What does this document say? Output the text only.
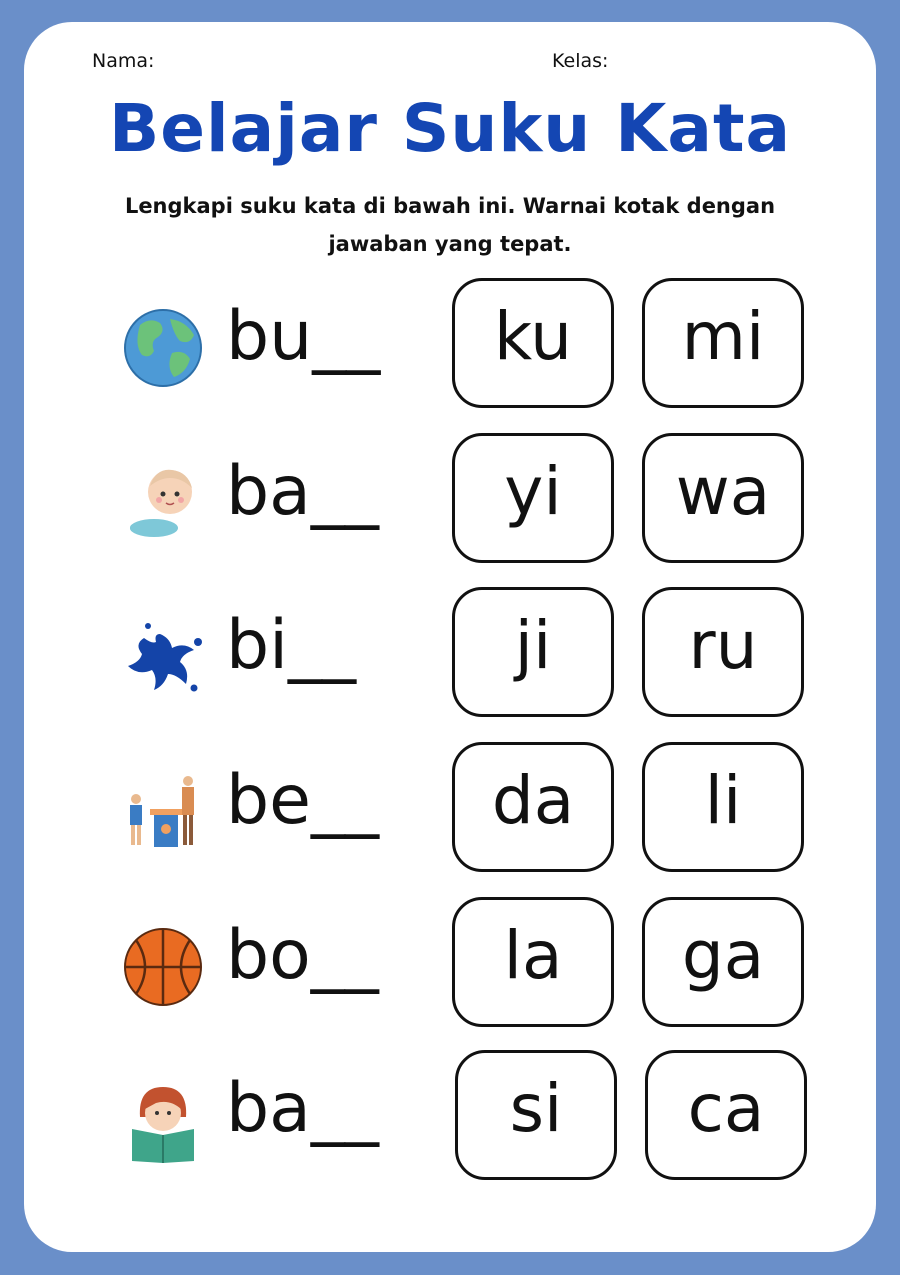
Nama:	Kelas:
Belajar Suku Kata
Lengkapi suku kata di bawah ini. Warnai kotak dengan
jawaban yang tepat.
bu__	ku	mi
ba__	yi	wa
bi__	ji	ru
be__	da	li
bo__	la	ga
ba__	si	ca
